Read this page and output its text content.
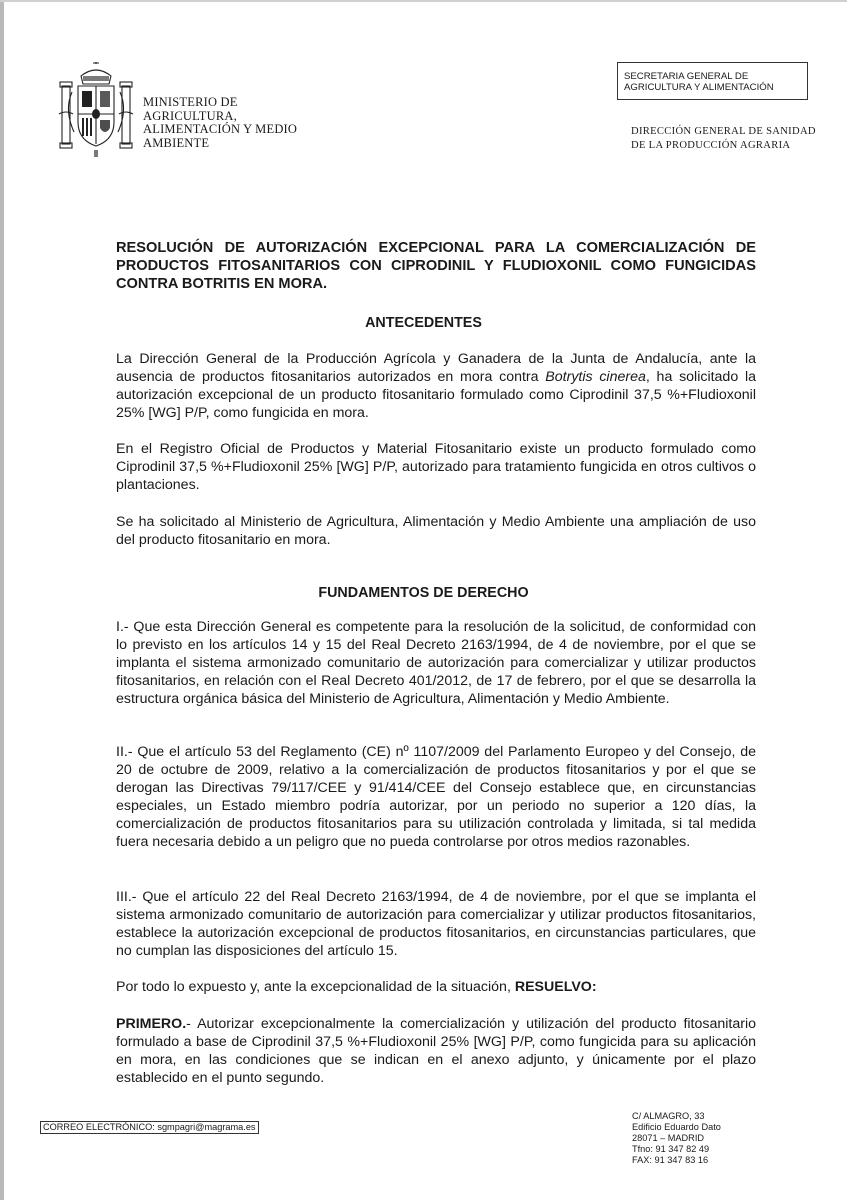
MINISTERIO DE
AGRICULTURA,
ALIMENTACIÓN Y MEDIO
AMBIENTE
SECRETARIA GENERAL DE
AGRICULTURA Y ALIMENTACIÓN
DIRECCIÓN GENERAL DE SANIDAD
DE LA PRODUCCIÓN AGRARIA
RESOLUCIÓN DE AUTORIZACIÓN EXCEPCIONAL PARA LA COMERCIALIZACIÓN DE PRODUCTOS FITOSANITARIOS CON CIPRODINIL Y FLUDIOXONIL COMO FUNGICIDAS CONTRA BOTRITIS EN MORA.
ANTECEDENTES
La Dirección General de la Producción Agrícola y Ganadera de la Junta de Andalucía, ante la ausencia de productos fitosanitarios autorizados en mora contra Botrytis cinerea, ha solicitado la autorización excepcional de un producto fitosanitario formulado como Ciprodinil 37,5 %+Fludioxonil 25% [WG] P/P, como fungicida en mora.
En el Registro Oficial de Productos y Material Fitosanitario existe un producto formulado como Ciprodinil 37,5 %+Fludioxonil 25% [WG] P/P, autorizado para tratamiento fungicida en otros cultivos o plantaciones.
Se ha solicitado al Ministerio de Agricultura, Alimentación y Medio Ambiente una ampliación de uso del producto fitosanitario en mora.
FUNDAMENTOS DE DERECHO
I.- Que esta Dirección General es competente para la resolución de la solicitud, de conformidad con lo previsto en los artículos 14 y 15 del Real Decreto 2163/1994, de 4 de noviembre, por el que se implanta el sistema armonizado comunitario de autorización para comercializar y utilizar productos fitosanitarios, en relación con el Real Decreto 401/2012, de 17 de febrero, por el que se desarrolla la estructura orgánica básica del Ministerio de Agricultura, Alimentación y Medio Ambiente.
II.- Que el artículo 53 del Reglamento (CE) nº 1107/2009 del Parlamento Europeo y del Consejo, de 20 de octubre de 2009, relativo a la comercialización de productos fitosanitarios y por el que se derogan las Directivas 79/117/CEE y 91/414/CEE del Consejo establece que, en circunstancias especiales, un Estado miembro podría autorizar, por un periodo no superior a 120 días, la comercialización de productos fitosanitarios para su utilización controlada y limitada, si tal medida fuera necesaria debido a un peligro que no pueda controlarse por otros medios razonables.
III.- Que el artículo 22 del Real Decreto 2163/1994, de 4 de noviembre, por el que se implanta el sistema armonizado comunitario de autorización para comercializar y utilizar productos fitosanitarios, establece la autorización excepcional de productos fitosanitarios, en circunstancias particulares, que no cumplan las disposiciones del artículo 15.
Por todo lo expuesto y, ante la excepcionalidad de la situación, RESUELVO:
PRIMERO.- Autorizar excepcionalmente la comercialización y utilización del producto fitosanitario formulado a base de Ciprodinil 37,5 %+Fludioxonil 25% [WG] P/P, como fungicida para su aplicación en mora, en las condiciones que se indican en el anexo adjunto, y únicamente por el plazo establecido en el punto segundo.
CORREO ELECTRÓNICO: sgmpagri@magrama.es
C/ ALMAGRO, 33
Edificio Eduardo Dato
28071 – MADRID
Tfno: 91 347 82 49
FAX: 91 347 83 16
